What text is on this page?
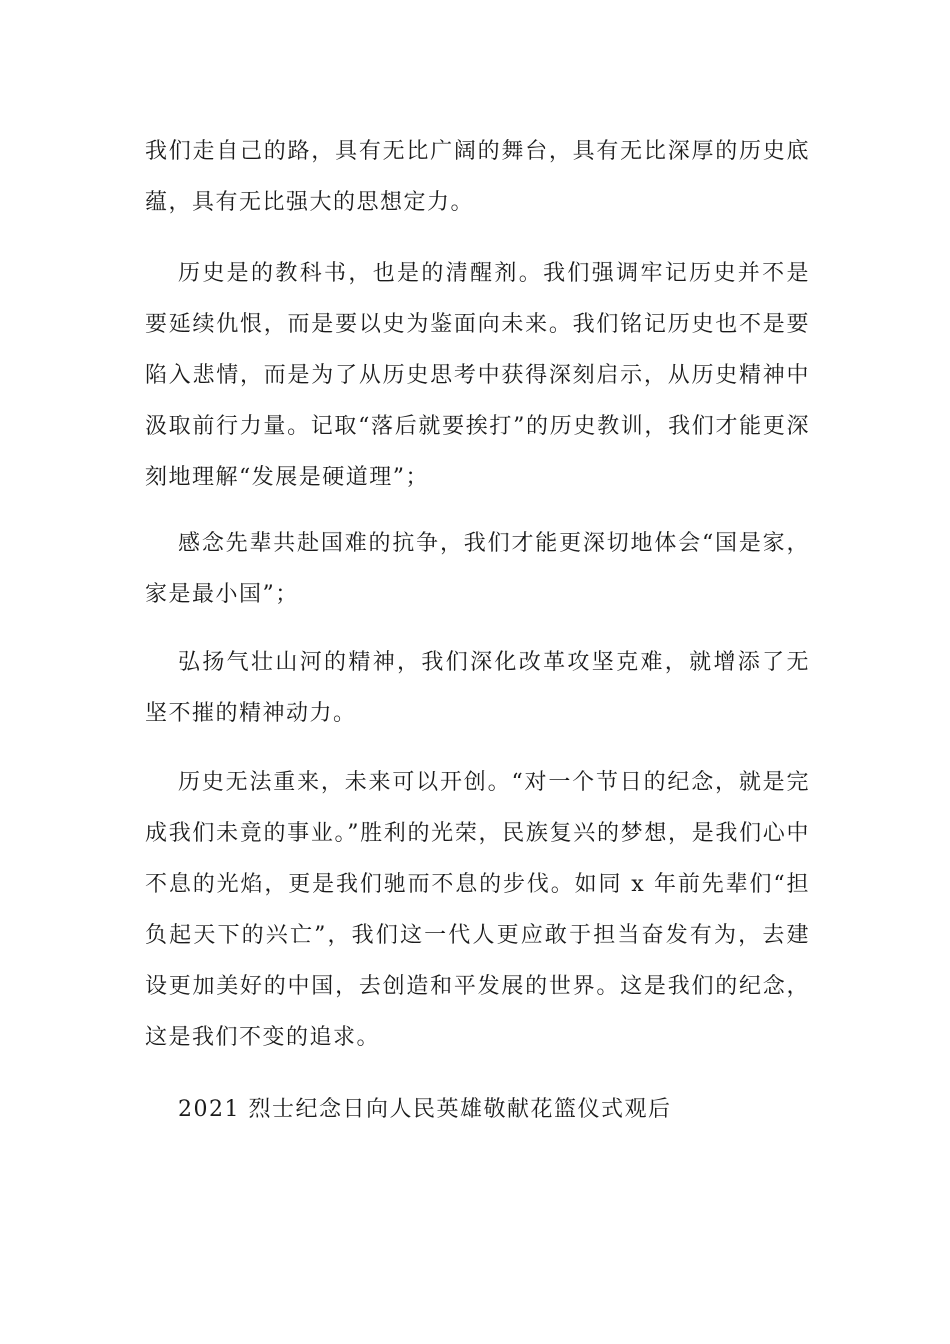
我们走自己的路，具有无比广阔的舞台，具有无比深厚的历史底蕴，具有无比强大的思想定力。

历史是的教科书，也是的清醒剂。我们强调牢记历史并不是要延续仇恨，而是要以史为鉴面向未来。我们铭记历史也不是要陷入悲情，而是为了从历史思考中获得深刻启示，从历史精神中汲取前行力量。记取“落后就要挨打”的历史教训，我们才能更深刻地理解“发展是硬道理”；

感念先辈共赴国难的抗争，我们才能更深切地体会“国是家，家是最小国”；

弘扬气壮山河的精神，我们深化改革攻坚克难，就增添了无坚不摧的精神动力。

历史无法重来，未来可以开创。“对一个节日的纪念，就是完成我们未竟的事业。”胜利的光荣，民族复兴的梦想，是我们心中不息的光焰，更是我们驰而不息的步伐。如同 x 年前先辈们“担负起天下的兴亡”，我们这一代人更应敢于担当奋发有为，去建设更加美好的中国，去创造和平发展的世界。这是我们的纪念，这是我们不变的追求。

2021 烈士纪念日向人民英雄敬献花篮仪式观后
